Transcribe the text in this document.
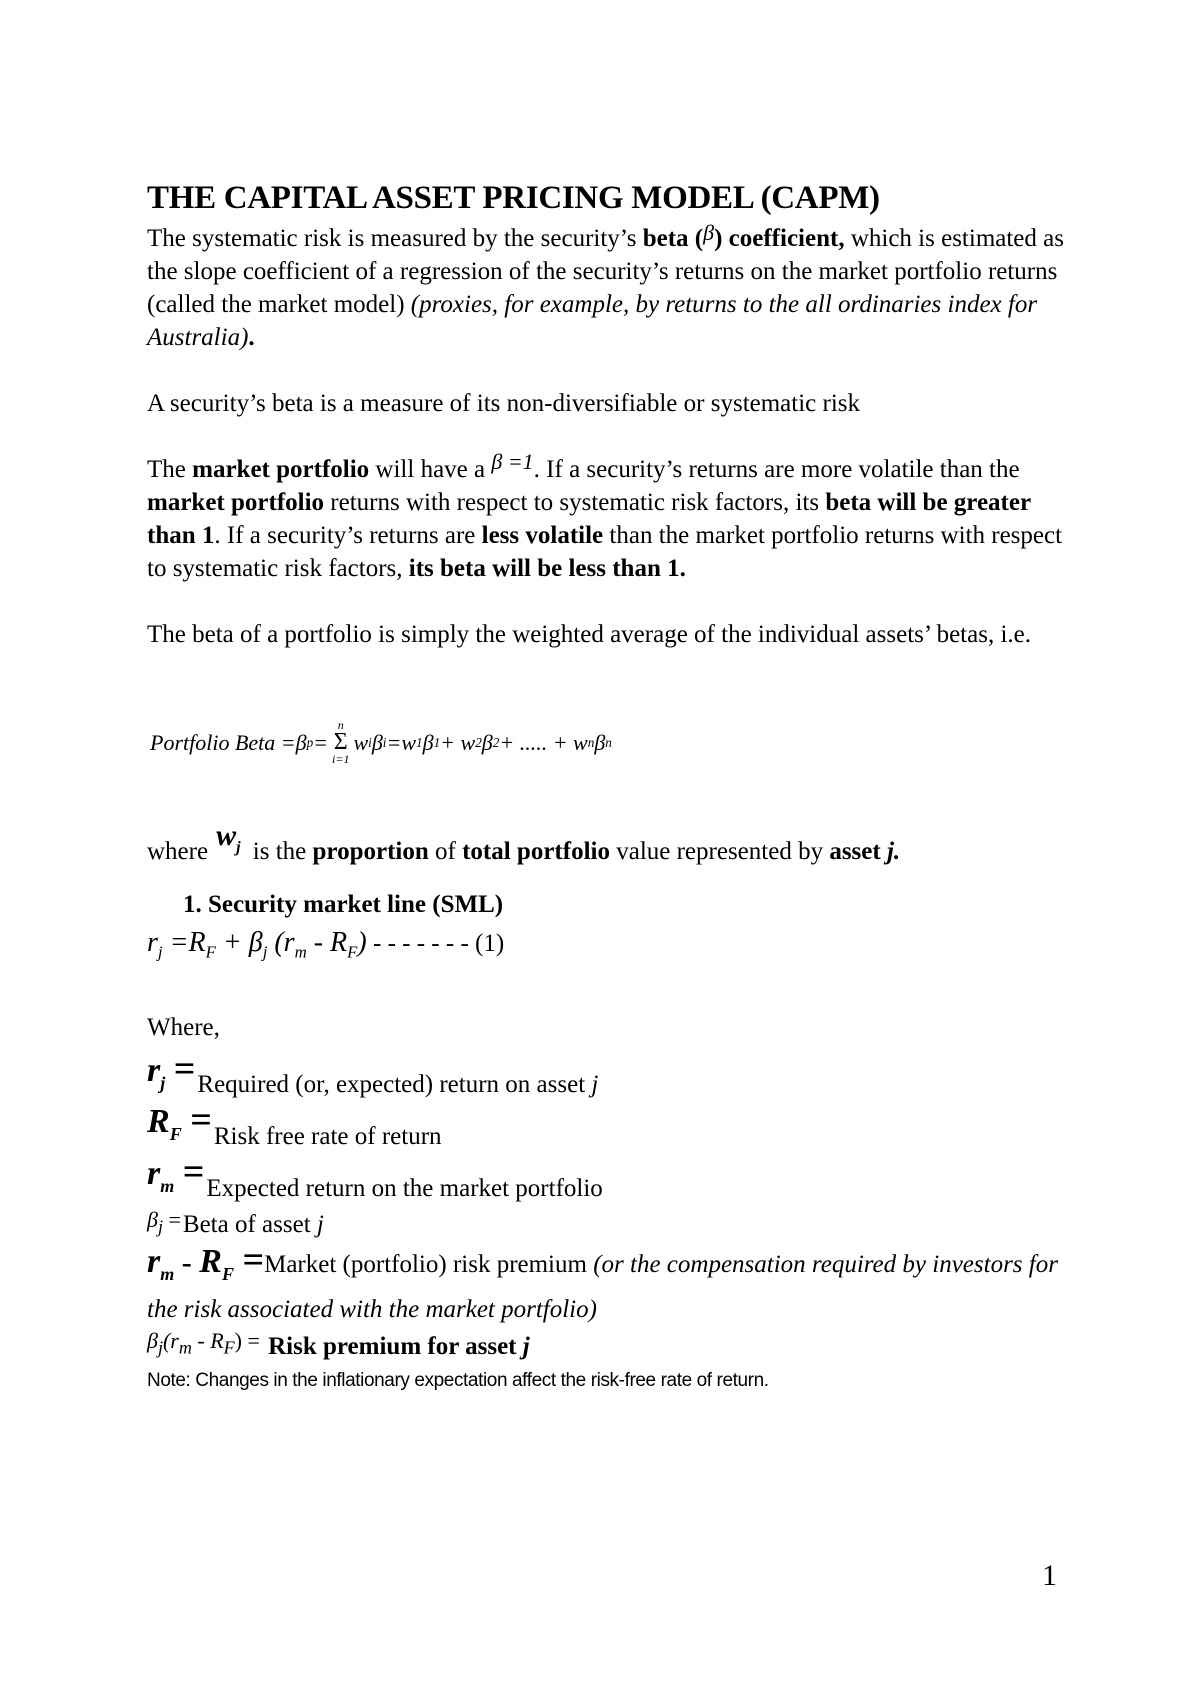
THE CAPITAL ASSET PRICING MODEL (CAPM)

The systematic risk is measured by the security’s beta (β) coefficient, which is estimated as the slope coefficient of a regression of the security’s returns on the market portfolio returns (called the market model) (proxies, for example, by returns to the all ordinaries index for Australia).

A security’s beta is a measure of its non-diversifiable or systematic risk

The market portfolio will have a β =1. If a security’s returns are more volatile than the market portfolio returns with respect to systematic risk factors, its beta will be greater than 1. If a security’s returns are less volatile than the market portfolio returns with respect to systematic risk factors, its beta will be less than 1.

The beta of a portfolio is simply the weighted average of the individual assets’ betas, i.e.

Portfolio Beta =β p =
n
Σ
i=1
w i β i =w 1 β 1 + w 2 β 2 + ..... + w n β n

where $w_j$ is the proportion of total portfolio value represented by asset j.

1. Security market line (SML)

$r_j =R_F + \beta_j$ $(r_m - R_F)$ - - - - - - - (1)

Where,

$r_j$ = Required (or, expected) return on asset j
$R_F$ = Risk free rate of return
$r_m$ = Expected return on the market portfolio
$\beta_j$ = Beta of asset j
$r_m - R_F$ =Market (portfolio) risk premium (or the compensation required by investors for the risk associated with the market portfolio)
$\beta_j(r_m - R_F)$ = Risk premium for asset j

Note: Changes in the inflationary expectation affect the risk-free rate of return.

1
